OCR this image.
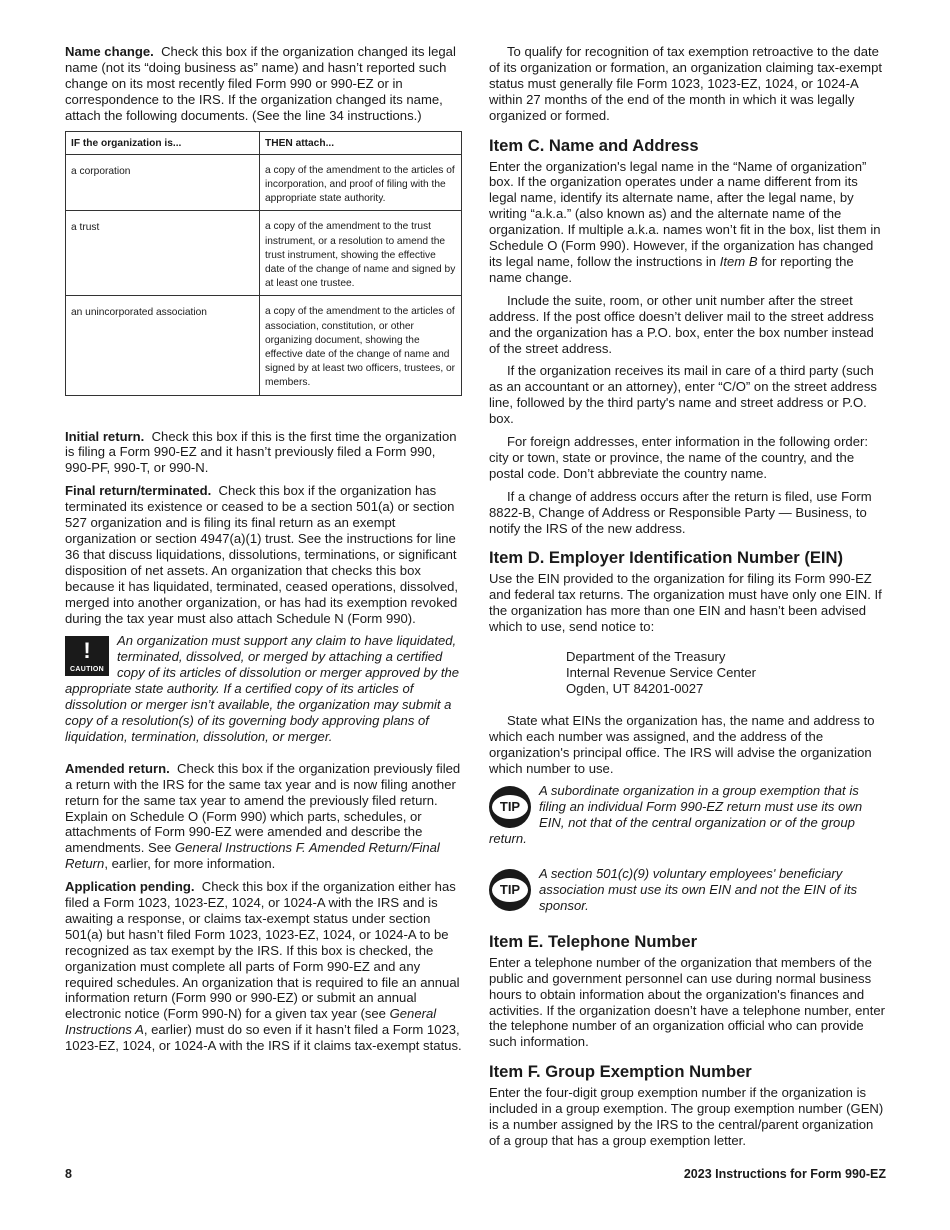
Name change. Check this box if the organization changed its legal name (not its “doing business as” name) and hasn’t reported such change on its most recently filed Form 990 or 990-EZ or in correspondence to the IRS. If the organization changed its name, attach the following documents. (See the line 34 instructions.)

IF the organization is...	THEN attach...
a corporation	a copy of the amendment to the articles of incorporation, and proof of filing with the appropriate state authority.
a trust	a copy of the amendment to the trust instrument, or a resolution to amend the trust instrument, showing the effective date of the change of name and signed by at least one trustee.
an unincorporated association	a copy of the amendment to the articles of association, constitution, or other organizing document, showing the effective date of the change of name and signed by at least two officers, trustees, or members.

Initial return. Check this box if this is the first time the organization is filing a Form 990-EZ and it hasn’t previously filed a Form 990, 990-PF, 990-T, or 990-N.

Final return/terminated. Check this box if the organization has terminated its existence or ceased to be a section 501(a) or section 527 organization and is filing its final return as an exempt organization or section 4947(a)(1) trust. See the instructions for line 36 that discuss liquidations, dissolutions, terminations, or significant disposition of net assets. An organization that checks this box because it has liquidated, terminated, ceased operations, dissolved, merged into another organization, or has had its exemption revoked during the tax year must also attach Schedule N (Form 990).

!
CAUTION
An organization must support any claim to have liquidated, terminated, dissolved, or merged by attaching a certified copy of its articles of dissolution or merger approved by the appropriate state authority. If a certified copy of its articles of dissolution or merger isn’t available, the organization may submit a copy of a resolution(s) of its governing body approving plans of liquidation, termination, dissolution, or merger.

Amended return. Check this box if the organization previously filed a return with the IRS for the same tax year and is now filing another return for the same tax year to amend the previously filed return. Explain on Schedule O (Form 990) which parts, schedules, or attachments of Form 990-EZ were amended and describe the amendments. See General Instructions F. Amended Return/Final Return, earlier, for more information.

Application pending. Check this box if the organization either has filed a Form 1023, 1023-EZ, 1024, or 1024-A with the IRS and is awaiting a response, or claims tax-exempt status under section 501(a) but hasn’t filed Form 1023, 1023-EZ, 1024, or 1024-A to be recognized as tax exempt by the IRS. If this box is checked, the organization must complete all parts of Form 990-EZ and any required schedules. An organization that is required to file an annual information return (Form 990 or 990-EZ) or submit an annual electronic notice (Form 990-N) for a given tax year (see General Instructions A, earlier) must do so even if it hasn’t filed a Form 1023, 1023-EZ, 1024, or 1024-A with the IRS if it claims tax-exempt status.

To qualify for recognition of tax exemption retroactive to the date of its organization or formation, an organization claiming tax-exempt status must generally file Form 1023, 1023-EZ, 1024, or 1024-A within 27 months of the end of the month in which it was legally organized or formed.

Item C. Name and Address

Enter the organization's legal name in the “Name of organization” box. If the organization operates under a name different from its legal name, identify its alternate name, after the legal name, by writing “a.k.a.” (also known as) and the alternate name of the organization. If multiple a.k.a. names won’t fit in the box, list them in Schedule O (Form 990). However, if the organization has changed its legal name, follow the instructions in Item B for reporting the name change.

Include the suite, room, or other unit number after the street address. If the post office doesn’t deliver mail to the street address and the organization has a P.O. box, enter the box number instead of the street address.

If the organization receives its mail in care of a third party (such as an accountant or an attorney), enter “C/O” on the street address line, followed by the third party's name and street address or P.O. box.

For foreign addresses, enter information in the following order: city or town, state or province, the name of the country, and the postal code. Don’t abbreviate the country name.

If a change of address occurs after the return is filed, use Form 8822-B, Change of Address or Responsible Party — Business, to notify the IRS of the new address.

Item D. Employer Identification Number (EIN)

Use the EIN provided to the organization for filing its Form 990-EZ and federal tax returns. The organization must have only one EIN. If the organization has more than one EIN and hasn’t been advised which to use, send notice to:

Department of the Treasury
Internal Revenue Service Center
Ogden, UT 84201-0027

State what EINs the organization has, the name and address to which each number was assigned, and the address of the organization's principal office. The IRS will advise the organization which number to use.

TIP
A subordinate organization in a group exemption that is filing an individual Form 990-EZ return must use its own EIN, not that of the central organization or of the group return.
TIP
A section 501(c)(9) voluntary employees' beneficiary association must use its own EIN and not the EIN of its sponsor.
Item E. Telephone Number

Enter a telephone number of the organization that members of the public and government personnel can use during normal business hours to obtain information about the organization's finances and activities. If the organization doesn’t have a telephone number, enter the telephone number of an organization official who can provide such information.

Item F. Group Exemption Number

Enter the four-digit group exemption number if the organization is included in a group exemption. The group exemption number (GEN) is a number assigned by the IRS to the central/parent organization of a group that has a group exemption letter.

8	2023 Instructions for Form 990-EZ
